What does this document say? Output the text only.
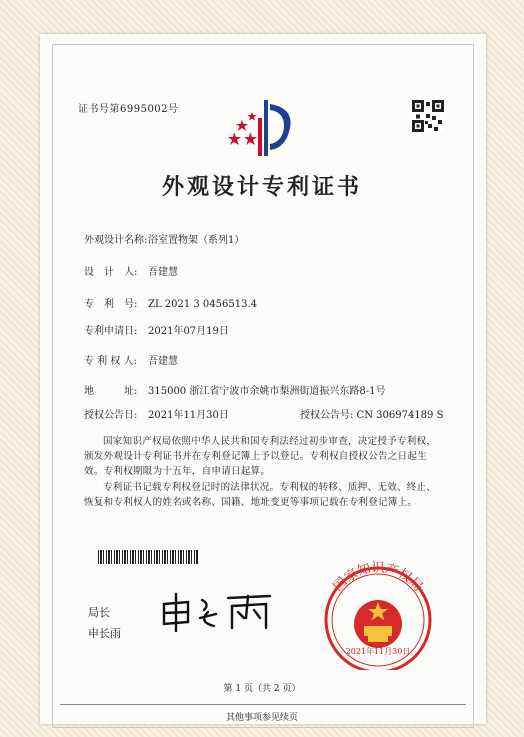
证书号第6995002号
外观设计专利证书
外观设计名称:浴室置物架（系列1）
设　计　人: 吾建慧
专　利　号: ZL 2021 3 0456513.4
专利申请日: 2021年07月19日
专 利 权 人: 吾建慧
地　　　址: 315000 浙江省宁波市余姚市梨洲街道振兴东路8-1号
授权公告日: 2021年11月30日	授权公告号: CN 306974189 S
国家知识产权局依照中华人民共和国专利法经过初步审查，决定授予专利权，颁发外观设计专利证书并在专利登记簿上予以登记。专利权自授权公告之日起生效。专利权期限为十五年，自申请日起算。
专利证书记载专利权登记时的法律状况。专利权的转移、质押、无效、终止、恢复和专利权人的姓名或名称、国籍、地址变更等事项记载在专利登记簿上。
局长
申长雨
国家知识产权局
2021年11月30日
第 1 页（共 2 页）
其他事项参见续页
